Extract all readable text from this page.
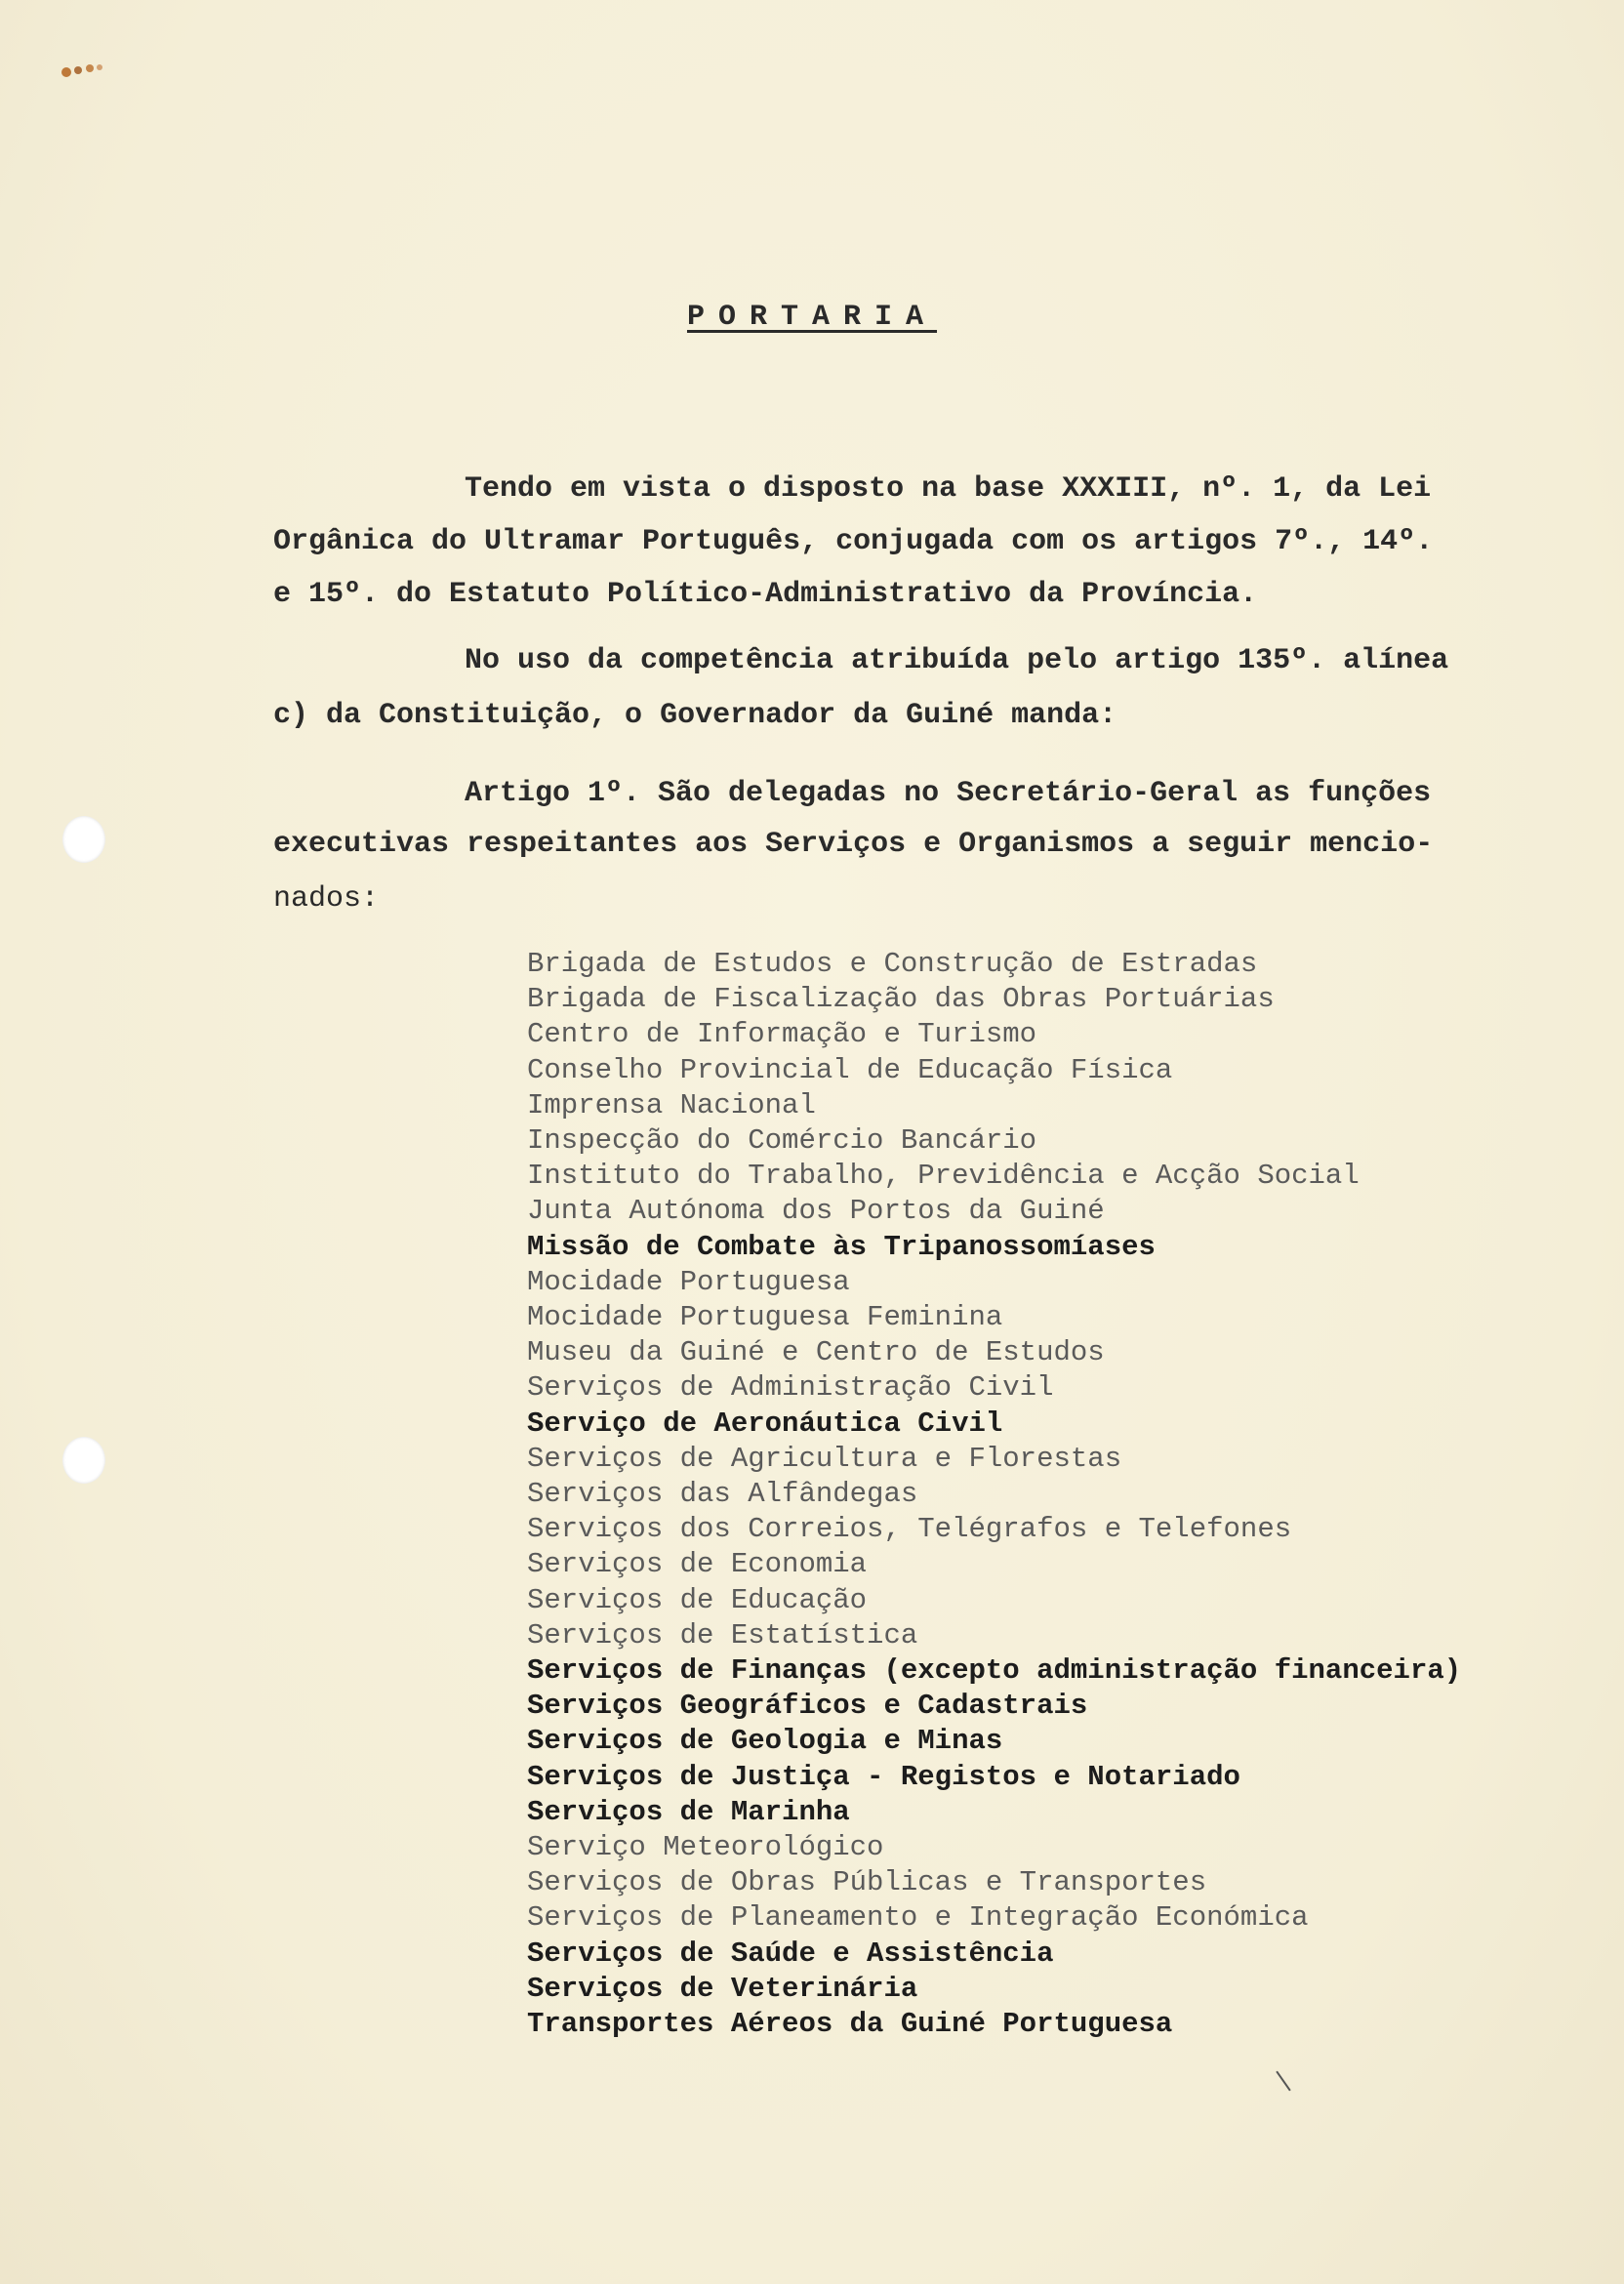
PORTARIA
Tendo em vista o disposto na base XXXIII, nº. 1, da Lei
Orgânica do Ultramar Português, conjugada com os artigos 7º., 14º.
e 15º. do Estatuto Político-Administrativo da Província.
No uso da competência atribuída pelo artigo 135º. alínea
c) da Constituição, o Governador da Guiné manda:
Artigo 1º. São delegadas no Secretário-Geral as funções
executivas respeitantes aos Serviços e Organismos a seguir mencio-
nados:
Brigada de Estudos e Construção de Estradas
Brigada de Fiscalização das Obras Portuárias
Centro de Informação e Turismo
Conselho Provincial de Educação Física
Imprensa Nacional
Inspecção do Comércio Bancário
Instituto do Trabalho, Previdência e Acção Social
Junta Autónoma dos Portos da Guiné
Missão de Combate às Tripanossomíases
Mocidade Portuguesa
Mocidade Portuguesa Feminina
Museu da Guiné e Centro de Estudos
Serviços de Administração Civil
Serviço de Aeronáutica Civil
Serviços de Agricultura e Florestas
Serviços das Alfândegas
Serviços dos Correios, Telégrafos e Telefones
Serviços de Economia
Serviços de Educação
Serviços de Estatística
Serviços de Finanças (excepto administração financeira)
Serviços Geográficos e Cadastrais
Serviços de Geologia e Minas
Serviços de Justiça - Registos e Notariado
Serviços de Marinha
Serviço Meteorológico
Serviços de Obras Públicas e Transportes
Serviços de Planeamento e Integração Económica
Serviços de Saúde e Assistência
Serviços de Veterinária
Transportes Aéreos da Guiné Portuguesa
